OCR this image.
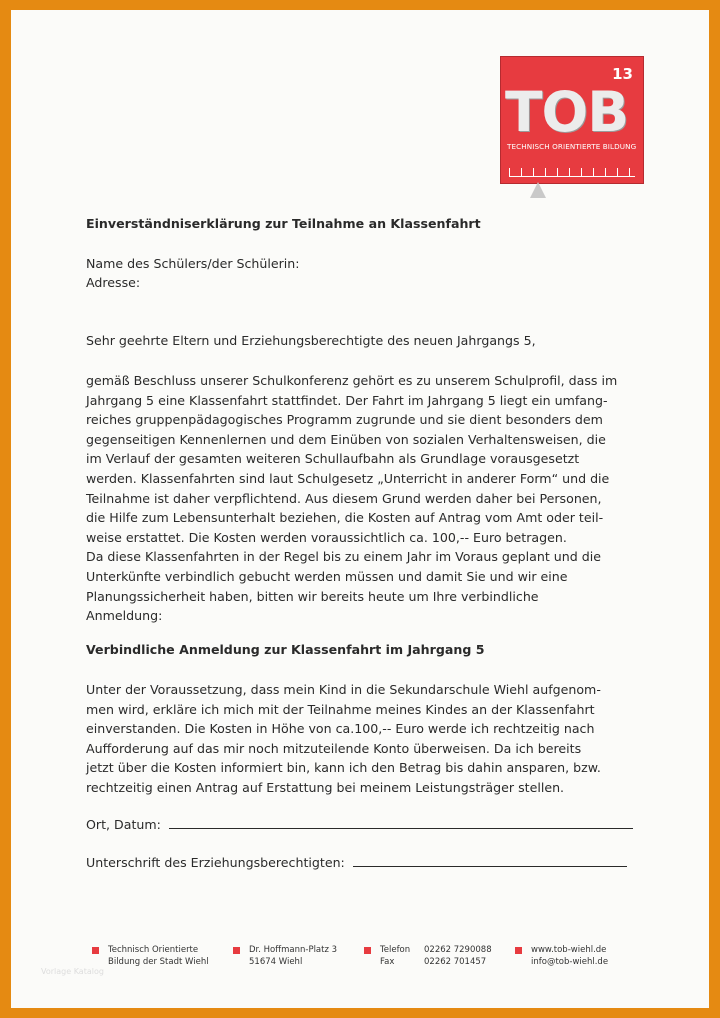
13
TOB
TECHNISCH ORIENTIERTE BILDUNG
Einverständniserklärung zur Teilnahme an Klassenfahrt
Name des Schülers/der Schülerin:
Adresse:
Sehr geehrte Eltern und Erziehungsberechtigte des neuen Jahrgangs 5,
gemäß Beschluss unserer Schulkonferenz gehört es zu unserem Schulprofil, dass im
Jahrgang 5 eine Klassenfahrt stattfindet. Der Fahrt im Jahrgang 5 liegt ein umfang-
reiches gruppenpädagogisches Programm zugrunde und sie dient besonders dem
gegenseitigen Kennenlernen und dem Einüben von sozialen Verhaltensweisen, die
im Verlauf der gesamten weiteren Schullaufbahn als Grundlage vorausgesetzt
werden. Klassenfahrten sind laut Schulgesetz „Unterricht in anderer Form“ und die
Teilnahme ist daher verpflichtend. Aus diesem Grund werden daher bei Personen,
die Hilfe zum Lebensunterhalt beziehen, die Kosten auf Antrag vom Amt oder teil-
weise erstattet. Die Kosten werden voraussichtlich ca. 100,-- Euro betragen.
Da diese Klassenfahrten in der Regel bis zu einem Jahr im Voraus geplant und die
Unterkünfte verbindlich gebucht werden müssen und damit Sie und wir eine
Planungssicherheit haben, bitten wir bereits heute um Ihre verbindliche
Anmeldung:
Verbindliche Anmeldung zur Klassenfahrt im Jahrgang 5
Unter der Voraussetzung, dass mein Kind in die Sekundarschule Wiehl aufgenom-
men wird, erkläre ich mich mit der Teilnahme meines Kindes an der Klassenfahrt
einverstanden. Die Kosten in Höhe von ca.100,-- Euro werde ich rechtzeitig nach
Aufforderung auf das mir noch mitzuteilende Konto überweisen. Da ich bereits
jetzt über die Kosten informiert bin, kann ich den Betrag bis dahin ansparen, bzw.
rechtzeitig einen Antrag auf Erstattung bei meinem Leistungsträger stellen.
Ort, Datum:
Unterschrift des Erziehungsberechtigten:
Technisch Orientierte
Bildung der Stadt Wiehl
Dr. Hoffmann-Platz 3
51674 Wiehl
Telefon	02262 7290088
Fax	02262 701457
www.tob-wiehl.de
info@tob-wiehl.de
Vorlage Katalog
